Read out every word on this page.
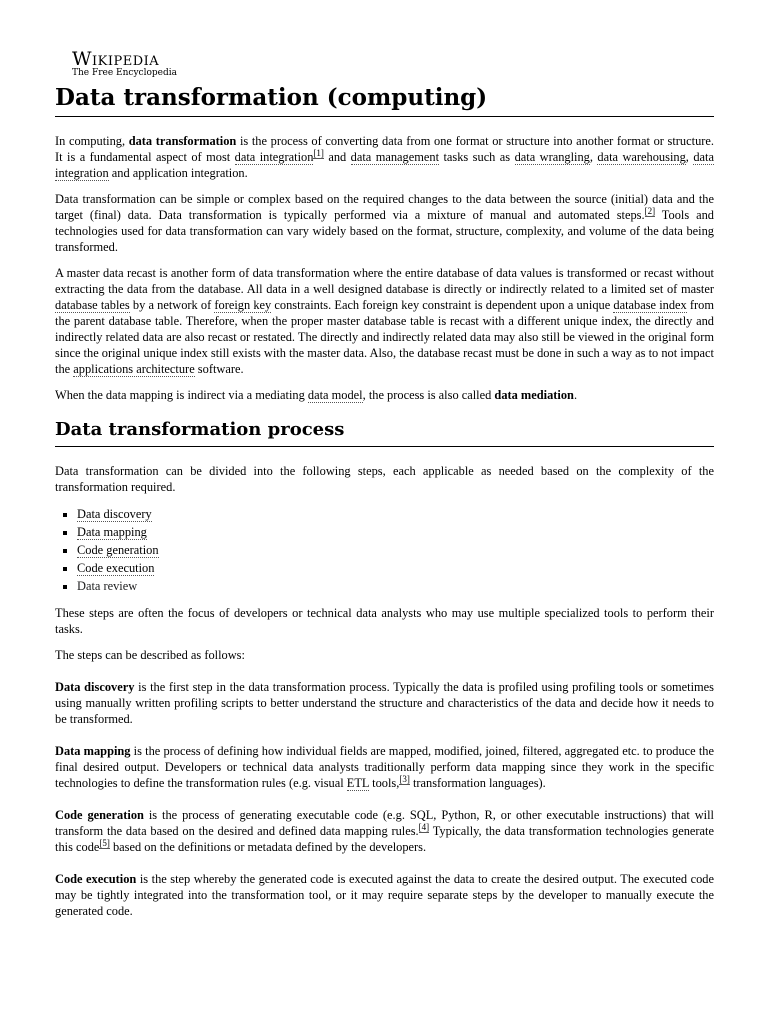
Wikipedia
The Free Encyclopedia
Data transformation (computing)

In computing, data transformation is the process of converting data from one format or structure into another format or structure. It is a fundamental aspect of most data integration[1] and data management tasks such as data wrangling, data warehousing, data integration and application integration.

Data transformation can be simple or complex based on the required changes to the data between the source (initial) data and the target (final) data. Data transformation is typically performed via a mixture of manual and automated steps.[2] Tools and technologies used for data transformation can vary widely based on the format, structure, complexity, and volume of the data being transformed.

A master data recast is another form of data transformation where the entire database of data values is transformed or recast without extracting the data from the database. All data in a well designed database is directly or indirectly related to a limited set of master database tables by a network of foreign key constraints. Each foreign key constraint is dependent upon a unique database index from the parent database table. Therefore, when the proper master database table is recast with a different unique index, the directly and indirectly related data are also recast or restated. The directly and indirectly related data may also still be viewed in the original form since the original unique index still exists with the master data. Also, the database recast must be done in such a way as to not impact the applications architecture software.

When the data mapping is indirect via a mediating data model, the process is also called data mediation.

Data transformation process

Data transformation can be divided into the following steps, each applicable as needed based on the complexity of the transformation required.

Data discovery
Data mapping
Code generation
Code execution
Data review

These steps are often the focus of developers or technical data analysts who may use multiple specialized tools to perform their tasks.

The steps can be described as follows:

Data discovery is the first step in the data transformation process. Typically the data is profiled using profiling tools or sometimes using manually written profiling scripts to better understand the structure and characteristics of the data and decide how it needs to be transformed.

Data mapping is the process of defining how individual fields are mapped, modified, joined, filtered, aggregated etc. to produce the final desired output. Developers or technical data analysts traditionally perform data mapping since they work in the specific technologies to define the transformation rules (e.g. visual ETL tools,[3] transformation languages).

Code generation is the process of generating executable code (e.g. SQL, Python, R, or other executable instructions) that will transform the data based on the desired and defined data mapping rules.[4] Typically, the data transformation technologies generate this code[5] based on the definitions or metadata defined by the developers.

Code execution is the step whereby the generated code is executed against the data to create the desired output. The executed code may be tightly integrated into the transformation tool, or it may require separate steps by the developer to manually execute the generated code.
